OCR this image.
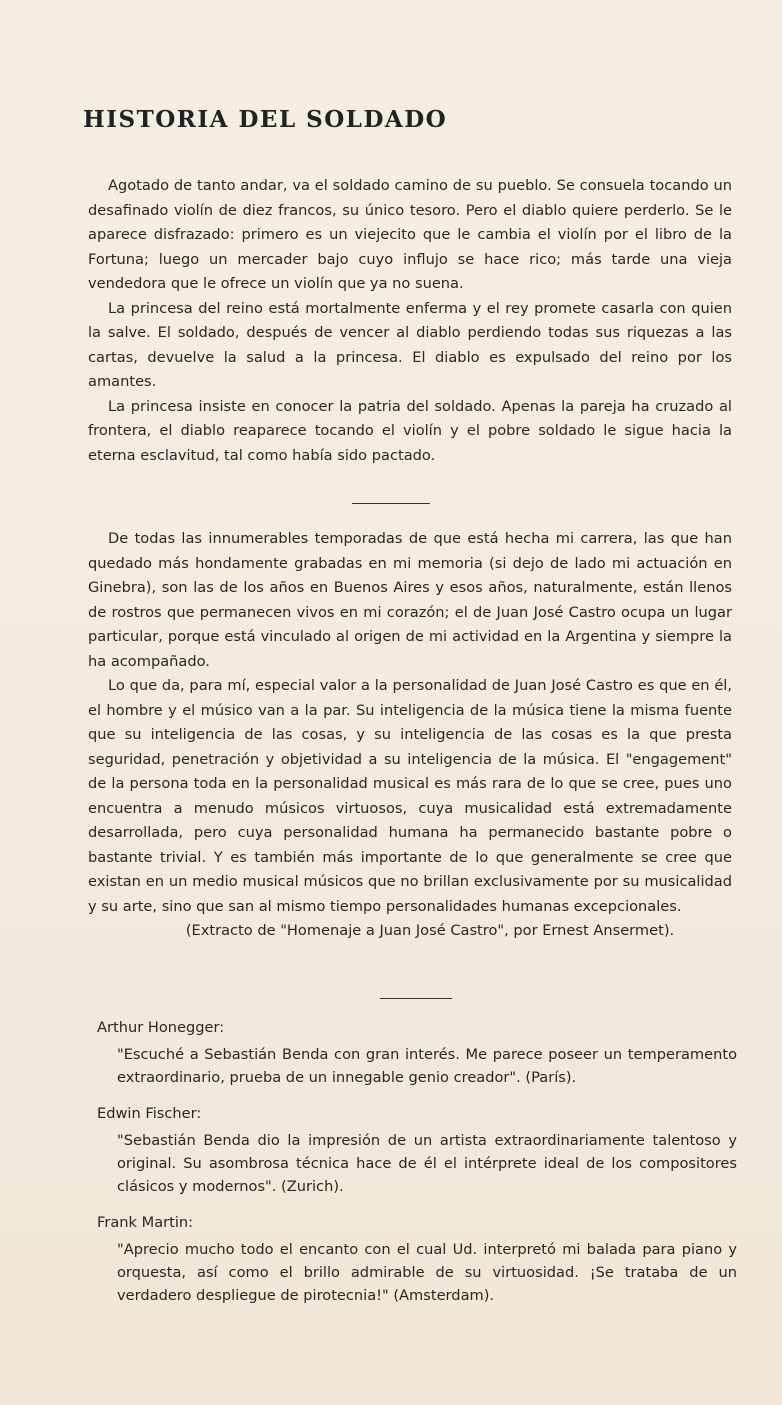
HISTORIA DEL SOLDADO

Agotado de tanto andar, va el soldado camino de su pueblo. Se consuela tocando un desafinado violín de diez francos, su único tesoro. Pero el diablo quiere perderlo. Se le aparece disfrazado: primero es un viejecito que le cambia el violín por el libro de la Fortuna; luego un mercader bajo cuyo influjo se hace rico; más tarde una vieja vendedora que le ofrece un violín que ya no suena.

La princesa del reino está mortalmente enferma y el rey promete casarla con quien la salve. El soldado, después de vencer al diablo perdiendo todas sus riquezas a las cartas, devuelve la salud a la princesa. El diablo es expulsado del reino por los amantes.

La princesa insiste en conocer la patria del soldado. Apenas la pareja ha cruzado al frontera, el diablo reaparece tocando el violín y el pobre soldado le sigue hacia la eterna esclavitud, tal como había sido pactado.

De todas las innumerables temporadas de que está hecha mi carrera, las que han quedado más hondamente grabadas en mi memoria (si dejo de lado mi actuación en Ginebra), son las de los años en Buenos Aires y esos años, naturalmente, están llenos de rostros que permanecen vivos en mi corazón; el de Juan José Castro ocupa un lugar particular, porque está vinculado al origen de mi actividad en la Argentina y siempre la ha acompañado.

Lo que da, para mí, especial valor a la personalidad de Juan José Castro es que en él, el hombre y el músico van a la par. Su inteligencia de la música tiene la misma fuente que su inteligencia de las cosas, y su inteligencia de las cosas es la que presta seguridad, penetración y objetividad a su inteligencia de la música. El "engagement" de la persona toda en la personalidad musical es más rara de lo que se cree, pues uno encuentra a menudo músicos virtuosos, cuya musicalidad está extremadamente desarrollada, pero cuya personalidad humana ha permanecido bastante pobre o bastante trivial. Y es también más importante de lo que generalmente se cree que existan en un medio musical músicos que no brillan exclusivamente por su musicalidad y su arte, sino que san al mismo tiempo personalidades humanas excepcionales.

(Extracto de "Homenaje a Juan José Castro", por Ernest Ansermet).

Arthur Honegger:

"Escuché a Sebastián Benda con gran interés. Me parece poseer un temperamento extraordinario, prueba de un innegable genio creador". (París).

Edwin Fischer:

"Sebastián Benda dio la impresión de un artista extraordinariamente talentoso y original. Su asombrosa técnica hace de él el intérprete ideal de los compositores clásicos y modernos". (Zurich).

Frank Martin:

"Aprecio mucho todo el encanto con el cual Ud. interpretó mi balada para piano y orquesta, así como el brillo admirable de su virtuosidad. ¡Se trataba de un verdadero despliegue de pirotecnia!" (Amsterdam).
